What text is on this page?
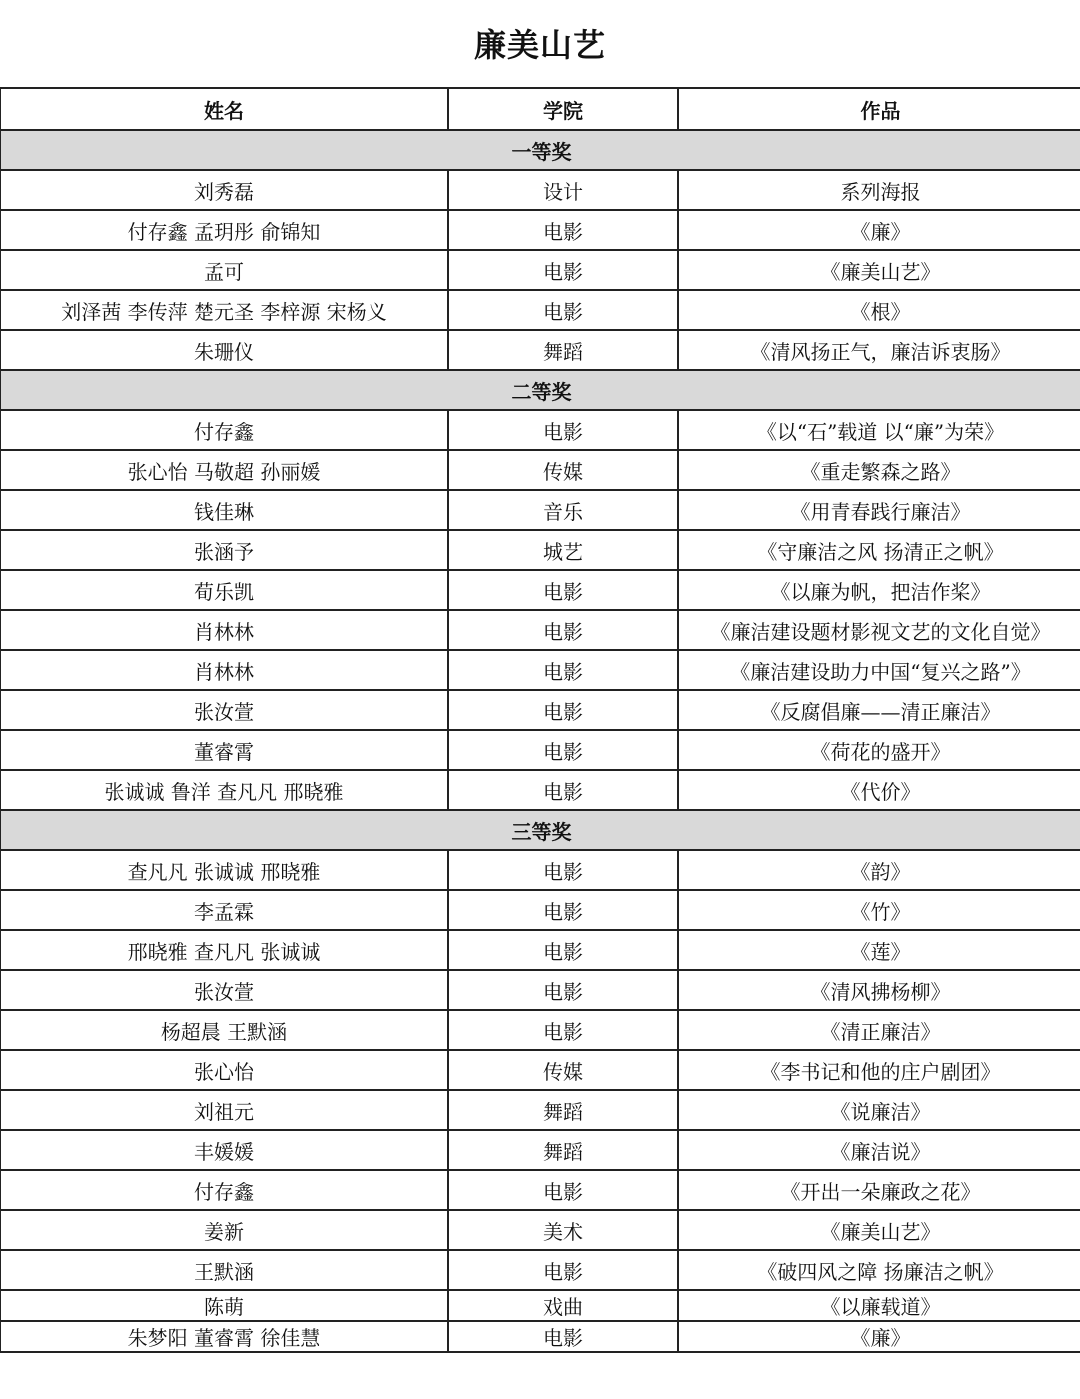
廉美山艺
姓名	学院	作品
一等奖		
刘秀磊	设计	系列海报
付存鑫 孟玥彤 俞锦知	电影	《廉》
孟可	电影	《廉美山艺》
刘泽茜 李传萍 楚元圣 李梓源 宋杨义	电影	《根》
朱珊仪	舞蹈	《清风扬正气，廉洁诉衷肠》
二等奖		
付存鑫	电影	《以“石”载道 以“廉”为荣》
张心怡 马敬超 孙丽媛	传媒	《重走繁森之路》
钱佳琳	音乐	《用青春践行廉洁》
张涵予	城艺	《守廉洁之风 扬清正之帆》
荀乐凯	电影	《以廉为帆，把洁作桨》
肖林林	电影	《廉洁建设题材影视文艺的文化自觉》
肖林林	电影	《廉洁建设助力中国“复兴之路”》
张汝萱	电影	《反腐倡廉——清正廉洁》
董睿霄	电影	《荷花的盛开》
张诚诚 鲁洋 查凡凡 邢晓雅	电影	《代价》
三等奖		
查凡凡 张诚诚 邢晓雅	电影	《韵》
李孟霖	电影	《竹》
邢晓雅 查凡凡 张诚诚	电影	《莲》
张汝萱	电影	《清风拂杨柳》
杨超晨 王默涵	电影	《清正廉洁》
张心怡	传媒	《李书记和他的庄户剧团》
刘祖元	舞蹈	《说廉洁》
丰媛媛	舞蹈	《廉洁说》
付存鑫	电影	《开出一朵廉政之花》
姜新	美术	《廉美山艺》
王默涵	电影	《破四风之障 扬廉洁之帆》
陈萌	戏曲	《以廉载道》
朱梦阳 董睿霄 徐佳慧	电影	《廉》
